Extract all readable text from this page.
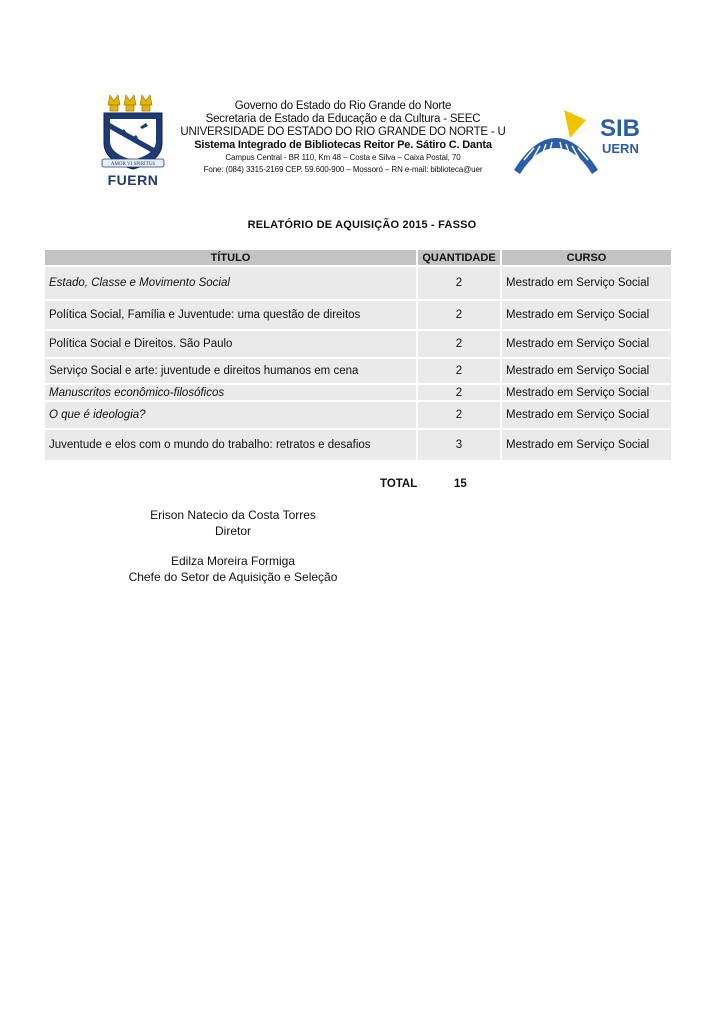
AMOR VI SPIRITUS
FUERN
Governo do Estado do Rio Grande do Norte
Secretaria de Estado da Educação e da Cultura - SEEC
UNIVERSIDADE DO ESTADO DO RIO GRANDE DO NORTE - U
Sistema Integrado de Bibliotecas Reitor Pe. Sátiro C. Danta
Campus Central - BR 110, Km 48 – Costa e Silva – Caixa Postal, 70
Fone: (084) 3315-2169 CEP. 59.600-900 – Mossoró – RN e-mail: biblioteca@uer
SIB
UERN
RELATÓRIO DE AQUISIÇÃO 2015 - FASSO
TÍTULO	QUANTIDADE	CURSO
Estado, Classe e Movimento Social	2	Mestrado em Serviço Social
Política Social, Família e Juventude: uma questão de direitos	2	Mestrado em Serviço Social
Política Social e Direitos. São Paulo	2	Mestrado em Serviço Social
Serviço Social e arte: juventude e direitos humanos em cena	2	Mestrado em Serviço Social
Manuscritos econômico-filosóficos	2	Mestrado em Serviço Social
O que é ideologia?	2	Mestrado em Serviço Social
Juventude e elos com o mundo do trabalho: retratos e desafios	3	Mestrado em Serviço Social
TOTAL	15
Erison Natecio da Costa Torres
Diretor
Edilza Moreira Formiga
Chefe do Setor de Aquisição e Seleção
